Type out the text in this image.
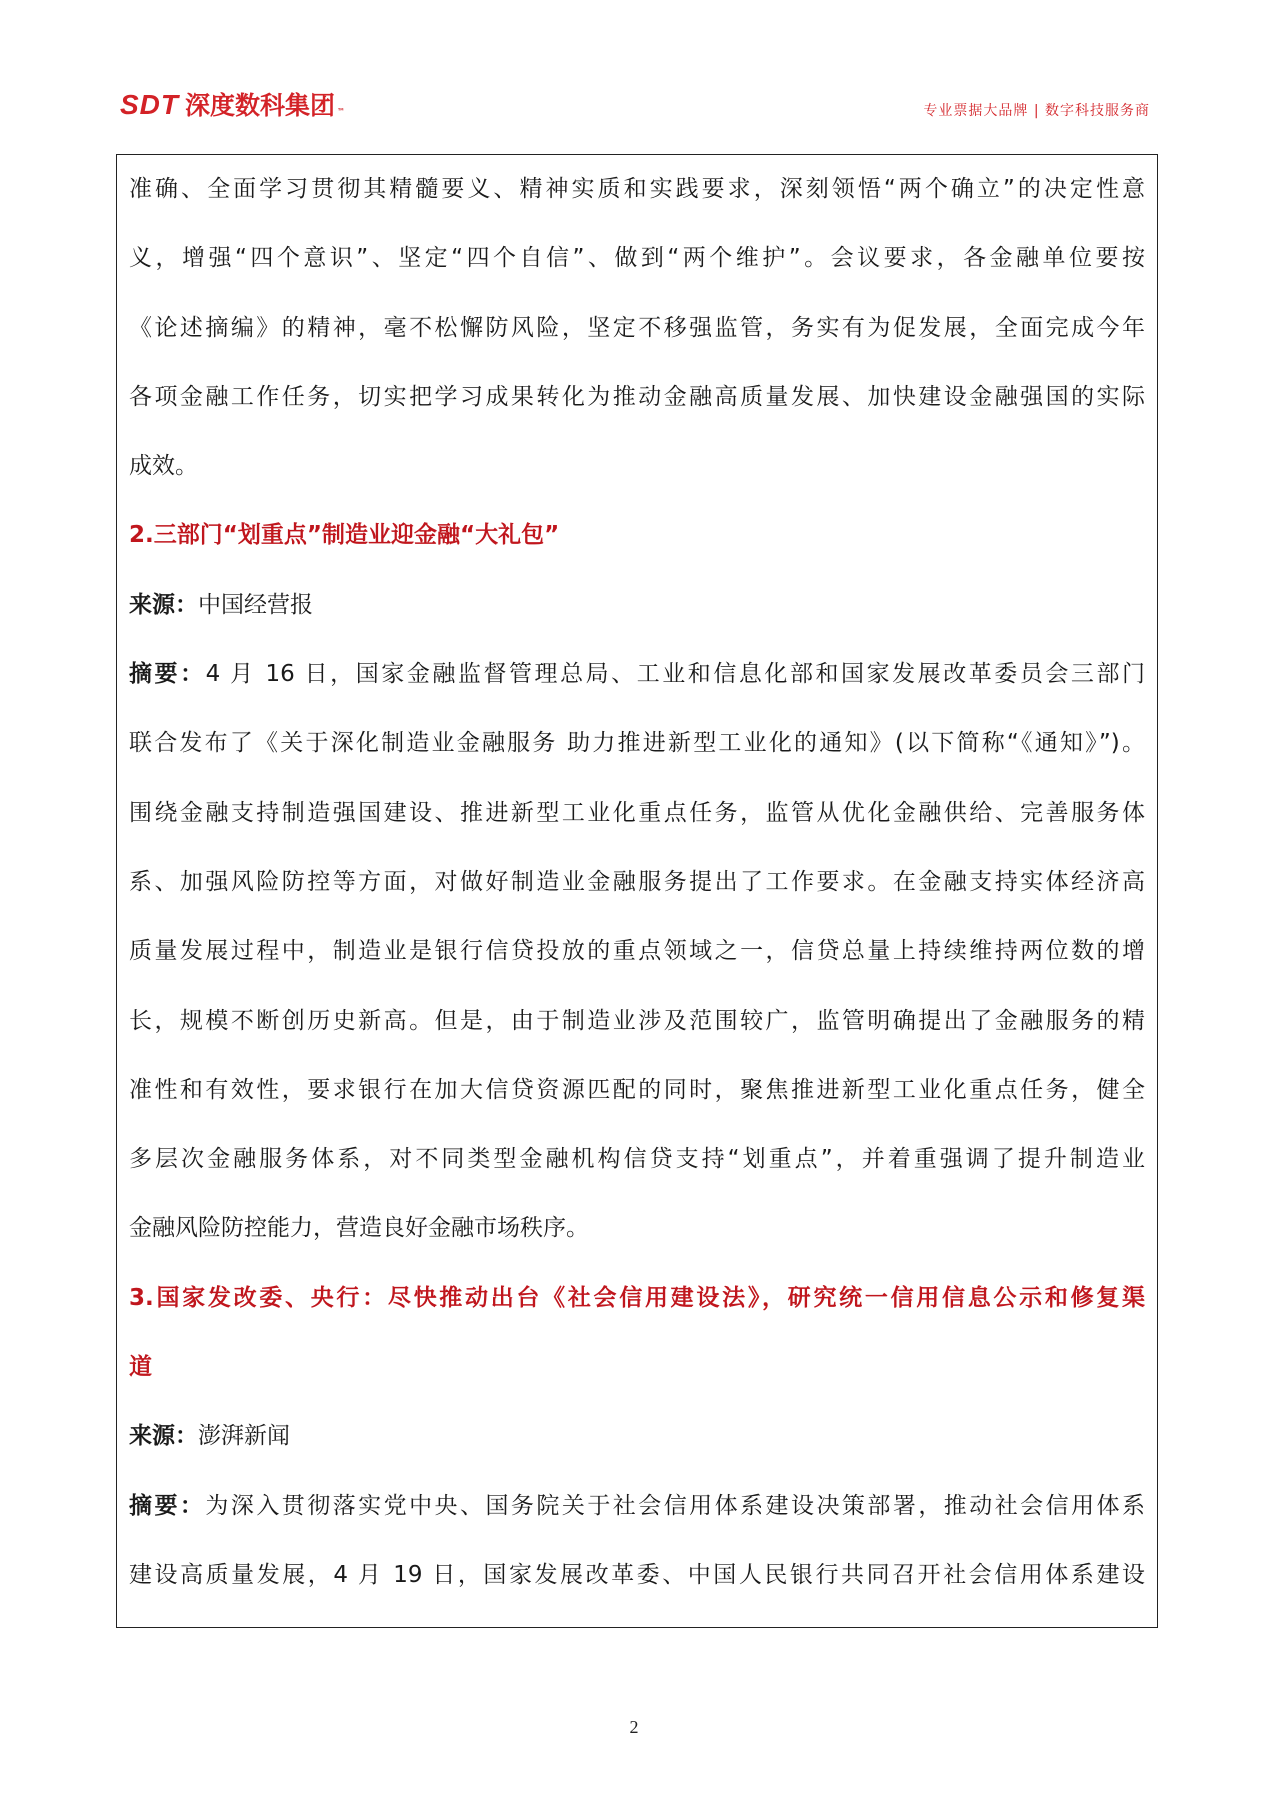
SDT 深度数科集团 ™	专业票据大品牌 | 数字科技服务商
准确、全面学习贯彻其精髓要义、精神实质和实践要求，深刻领悟“两个确立”的决定性意
义，增强“四个意识”、坚定“四个自信”、做到“两个维护”。会议要求，各金融单位要按
《论述摘编》的精神，毫不松懈防风险，坚定不移强监管，务实有为促发展，全面完成今年
各项金融工作任务，切实把学习成果转化为推动金融高质量发展、加快建设金融强国的实际
成效。
2.三部门“划重点”制造业迎金融“大礼包”
来源：中国经营报
摘要：4 月 16 日，国家金融监督管理总局、工业和信息化部和国家发展改革委员会三部门
联合发布了《关于深化制造业金融服务 助力推进新型工业化的通知》(以下简称“《通知》”)。
围绕金融支持制造强国建设、推进新型工业化重点任务，监管从优化金融供给、完善服务体
系、加强风险防控等方面，对做好制造业金融服务提出了工作要求。在金融支持实体经济高
质量发展过程中，制造业是银行信贷投放的重点领域之一，信贷总量上持续维持两位数的增
长，规模不断创历史新高。但是，由于制造业涉及范围较广，监管明确提出了金融服务的精
准性和有效性，要求银行在加大信贷资源匹配的同时，聚焦推进新型工业化重点任务，健全
多层次金融服务体系，对不同类型金融机构信贷支持“划重点”，并着重强调了提升制造业
金融风险防控能力，营造良好金融市场秩序。
3.国家发改委、央行：尽快推动出台《社会信用建设法》，研究统一信用信息公示和修复渠
道
来源：澎湃新闻
摘要：为深入贯彻落实党中央、国务院关于社会信用体系建设决策部署，推动社会信用体系
建设高质量发展，4 月 19 日，国家发展改革委、中国人民银行共同召开社会信用体系建设
2
